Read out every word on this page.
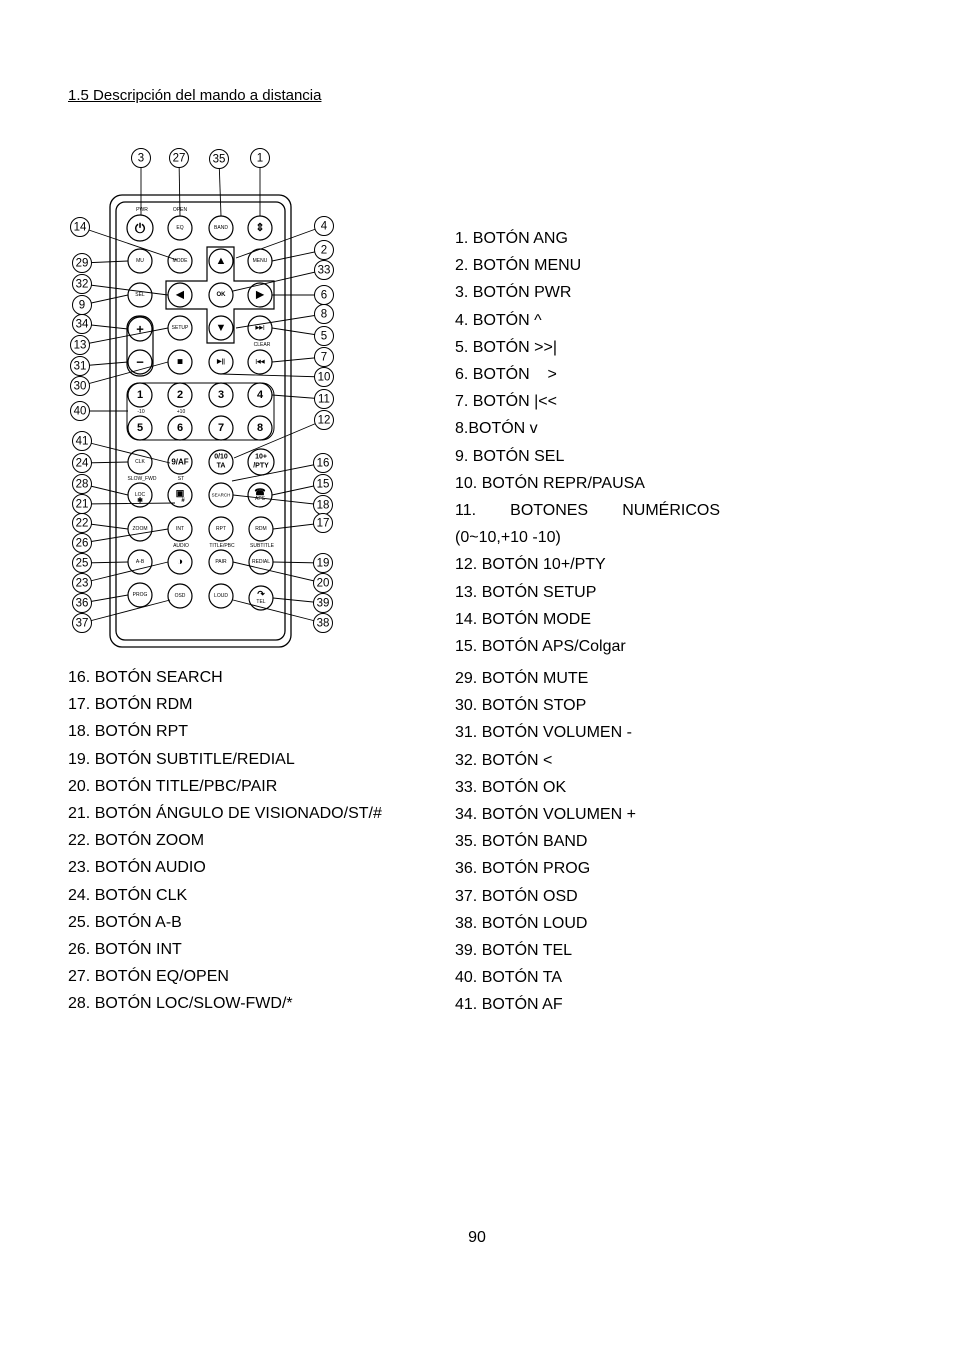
1.5 Descripción del mando a distancia
EQ	BAND
MU	MODE	MENU
SEL	OK
SETUP
1	2	3	4
5	6	7	8
CLK	9/AF
LOC	SEARCH
ZOOM	INT	RPT	RDM
A-B	PAIR	REDIAL
PROG	OSD	LOUD
⏻	⇕
▲
◀	▶
+	▼	▶▶|
−	■	▶||	|◀◀
▣
#
✱
☎
◑
↷
0/10
TA
10+
/PTY
APS
TEL
PWR	OPEN
CLEAR
-10	+10
SLOW_FWD	ST
AUDIO	TITLE/PBC	SUBTITLE
3 27 35	1
14	4
2
29
33
32
6
9
8
34
5
13
7
31
10
30
11
40
12
41
24	16
28	15
21	18
22	17
26
25	19
23	20
36	39
37	38
1. BOTÓN ANG
2. BOTÓN MENU
3. BOTÓN PWR
4. BOTÓN ^
5. BOTÓN >>|
6. BOTÓN    >
7. BOTÓN |<<
8.BOTÓN v
9. BOTÓN SEL
10. BOTÓN REPR/PAUSA
11. BOTONES NUMÉRICOS
(0~10,+10 -10)
12. BOTÓN 10+/PTY
13. BOTÓN SETUP
14. BOTÓN MODE
15. BOTÓN APS/Colgar
16. BOTÓN SEARCH
17. BOTÓN RDM
18. BOTÓN RPT
19. BOTÓN SUBTITLE/REDIAL
20. BOTÓN TITLE/PBC/PAIR
21. BOTÓN ÁNGULO DE VISIONADO/ST/#
22. BOTÓN ZOOM
23. BOTÓN AUDIO
24. BOTÓN CLK
25. BOTÓN A-B
26. BOTÓN INT
27. BOTÓN EQ/OPEN
28. BOTÓN LOC/SLOW-FWD/*
29. BOTÓN MUTE
30. BOTÓN STOP
31. BOTÓN VOLUMEN -
32. BOTÓN <
33. BOTÓN OK
34. BOTÓN VOLUMEN +
35. BOTÓN BAND
36. BOTÓN PROG
37. BOTÓN OSD
38. BOTÓN LOUD
39. BOTÓN TEL
40. BOTÓN TA
41. BOTÓN AF
90
